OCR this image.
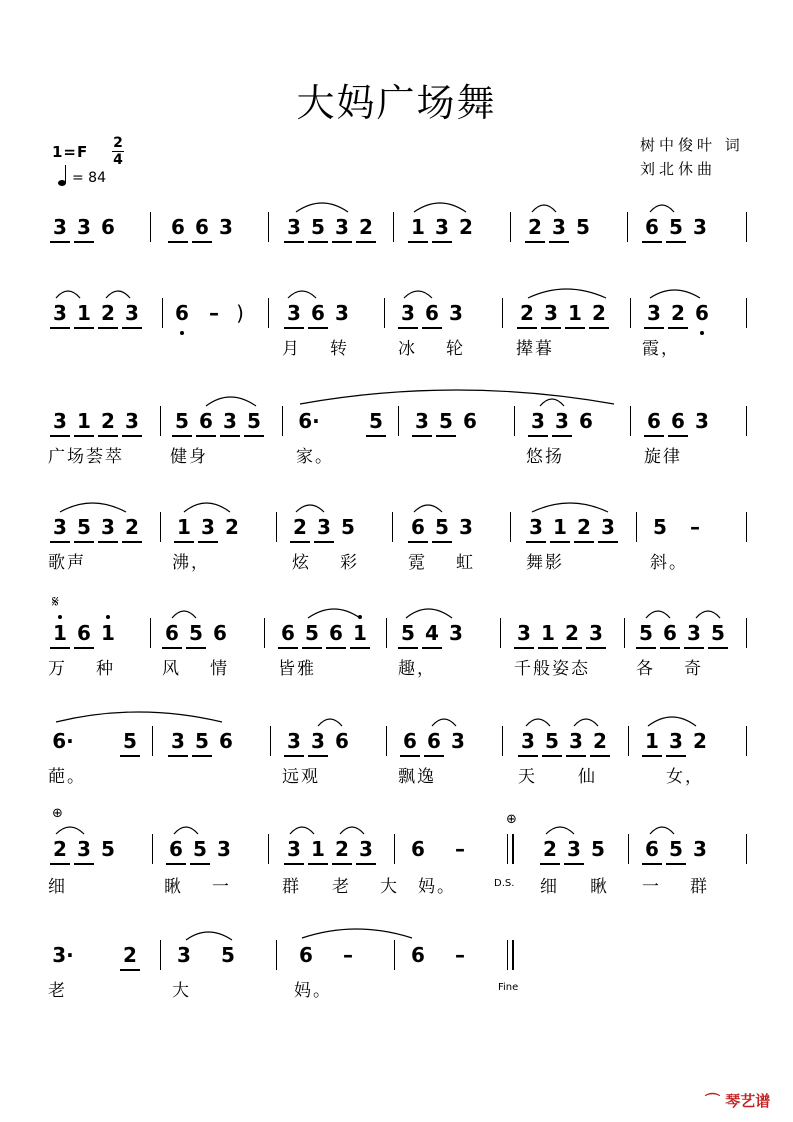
大妈广场舞
树中俊叶 词
刘北休曲
1=F 2
4
= 84
3 3 6	6 6 3	3 5 3 2 1 3 2	2 3 5	6 5 3
3 1 2 3 6	– ) 3 6 3	3 6 3	2 3 1 2 3 2 6
月 转	冰 轮	撵暮	霞，
3 1 2 3 5 6 3 5 6· 5 3 5 6	3 3 6	6 6 3
广场荟萃	健身	家。	悠扬	旋律
3 5 3 2 1 3 2	2 3 5	6 5 3	3 1 2 3 5	–
歌声	沸，	炫 彩	霓 虹	舞影	斜。
𝄋
1 6 1	6 5 6	6 5 6 1 5 4 3	3 1 2 3 5 6 3 5
万 种	风 情	皆雅	趣，	千般姿态	各 奇
6· 5 3 5 6	3 3 6	6 6 3	3 5 3 2 1 3 2
葩。	远观	飘逸	天 仙	女，
⊕	⊕
2 3 5	6 5 3	3 1 2 3 6	–	2 3 5 6 5 3
细	瞅 一	群 老 大 妈。	D.S. 细 瞅 一 群
3· 2 3 5	6	–	6	–
老	大	妈。	Fine
⌒ 琴艺谱
